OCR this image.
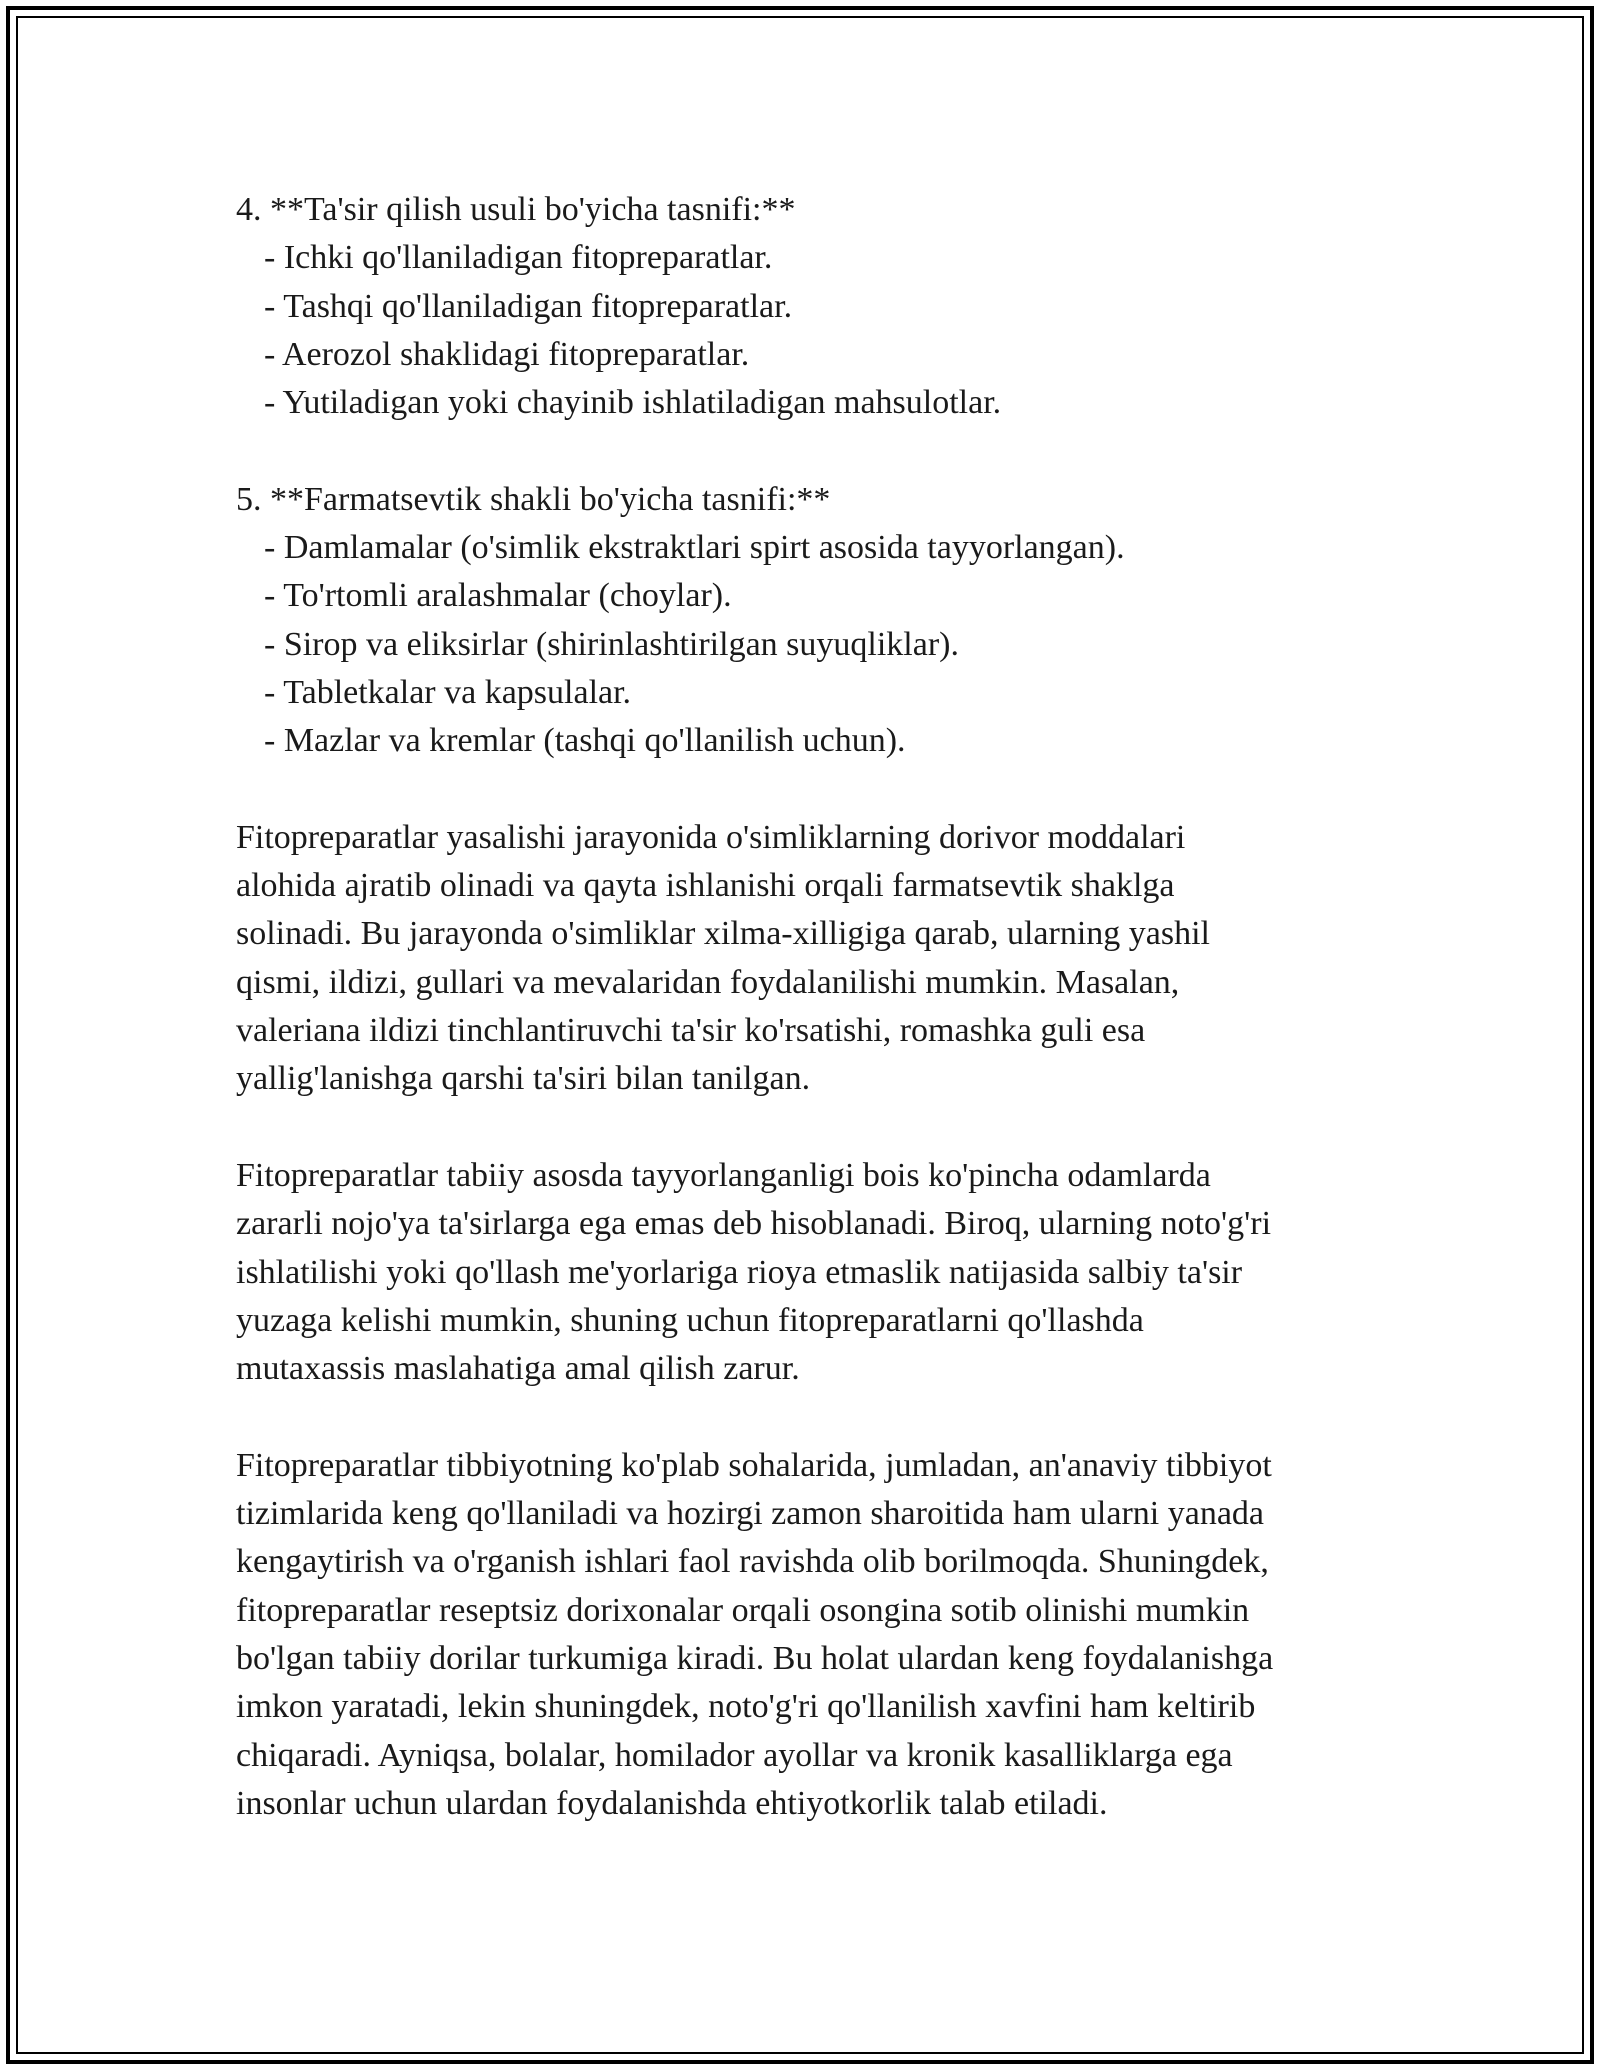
4. **Ta'sir qilish usuli bo'yicha tasnifi:**
- Ichki qo'llaniladigan fitopreparatlar.
- Tashqi qo'llaniladigan fitopreparatlar.
- Aerozol shaklidagi fitopreparatlar.
- Yutiladigan yoki chayinib ishlatiladigan mahsulotlar.
5. **Farmatsevtik shakli bo'yicha tasnifi:**
- Damlamalar (o'simlik ekstraktlari spirt asosida tayyorlangan).
- To'rtomli aralashmalar (choylar).
- Sirop va eliksirlar (shirinlashtirilgan suyuqliklar).
- Tabletkalar va kapsulalar.
- Mazlar va kremlar (tashqi qo'llanilish uchun).
Fitopreparatlar yasalishi jarayonida o'simliklarning dorivor moddalari
alohida ajratib olinadi va qayta ishlanishi orqali farmatsevtik shaklga
solinadi. Bu jarayonda o'simliklar xilma-xilligiga qarab, ularning yashil
qismi, ildizi, gullari va mevalaridan foydalanilishi mumkin. Masalan,
valeriana ildizi tinchlantiruvchi ta'sir ko'rsatishi, romashka guli esa
yallig'lanishga qarshi ta'siri bilan tanilgan.
Fitopreparatlar tabiiy asosda tayyorlanganligi bois ko'pincha odamlarda
zararli nojo'ya ta'sirlarga ega emas deb hisoblanadi. Biroq, ularning noto'g'ri
ishlatilishi yoki qo'llash me'yorlariga rioya etmaslik natijasida salbiy ta'sir
yuzaga kelishi mumkin, shuning uchun fitopreparatlarni qo'llashda
mutaxassis maslahatiga amal qilish zarur.
Fitopreparatlar tibbiyotning ko'plab sohalarida, jumladan, an'anaviy tibbiyot
tizimlarida keng qo'llaniladi va hozirgi zamon sharoitida ham ularni yanada
kengaytirish va o'rganish ishlari faol ravishda olib borilmoqda. Shuningdek,
fitopreparatlar reseptsiz dorixonalar orqali osongina sotib olinishi mumkin
bo'lgan tabiiy dorilar turkumiga kiradi. Bu holat ulardan keng foydalanishga
imkon yaratadi, lekin shuningdek, noto'g'ri qo'llanilish xavfini ham keltirib
chiqaradi. Ayniqsa, bolalar, homilador ayollar va kronik kasalliklarga ega
insonlar uchun ulardan foydalanishda ehtiyotkorlik talab etiladi.
